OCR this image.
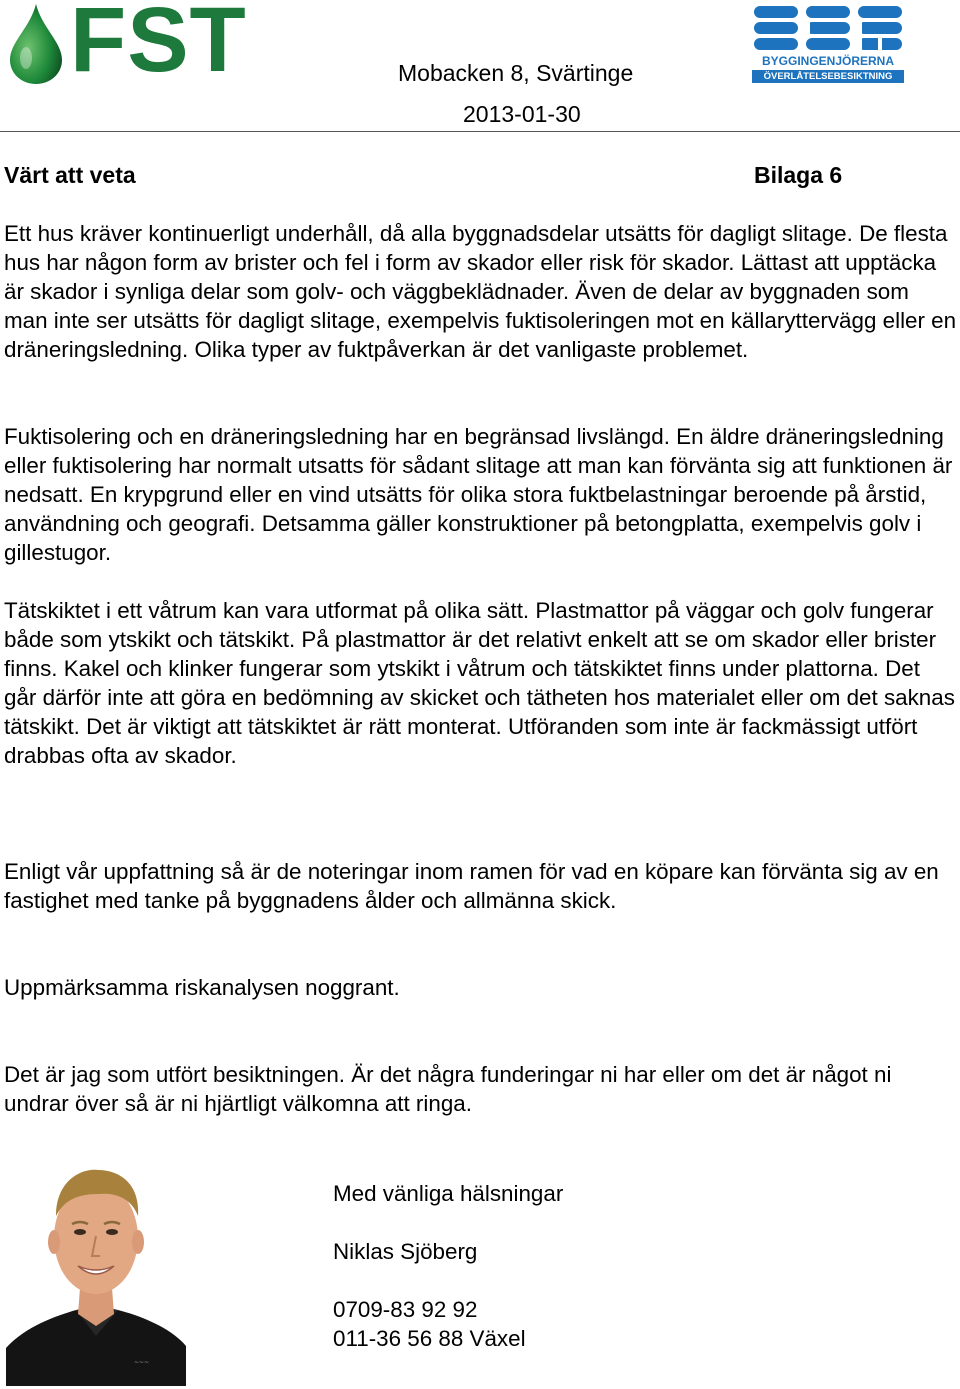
FST	Mobacken 8, Svärtinge
2013-01-30
BYGGINGENJÖRERNA
ÖVERLÅTELSEBESIKTNING
Värt att veta	Bilaga 6

Ett hus kräver kontinuerligt underhåll, då alla byggnadsdelar utsätts för dagligt slitage. De flesta hus har någon form av brister och fel i form av skador eller risk för skador. Lättast att upptäcka är skador i synliga delar som golv- och väggbeklädnader. Även de delar av byggnaden som man inte ser utsätts för dagligt slitage, exempelvis fuktisoleringen mot en källaryttervägg eller en dräneringsledning. Olika typer av fuktpåverkan är det vanligaste problemet.

Fuktisolering och en dräneringsledning har en begränsad livslängd. En äldre dräneringsledning eller fuktisolering har normalt utsatts för sådant slitage att man kan förvänta sig att funktionen är nedsatt. En krypgrund eller en vind utsätts för olika stora fuktbelastningar beroende på årstid, användning och geografi. Detsamma gäller konstruktioner på betongplatta, exempelvis golv i gillestugor.

Tätskiktet i ett våtrum kan vara utformat på olika sätt. Plastmattor på väggar och golv fungerar både som ytskikt och tätskikt. På plastmattor är det relativt enkelt att se om skador eller brister finns. Kakel och klinker fungerar som ytskikt i våtrum och tätskiktet finns under plattorna. Det går därför inte att göra en bedömning av skicket och tätheten hos materialet eller om det saknas tätskikt. Det är viktigt att tätskiktet är rätt monterat. Utföranden som inte är fackmässigt utfört drabbas ofta av skador.

Enligt vår uppfattning så är de noteringar inom ramen för vad en köpare kan förvänta sig av en fastighet med tanke på byggnadens ålder och allmänna skick.

Uppmärksamma riskanalysen noggrant.

Det är jag som utfört besiktningen. Är det några funderingar ni har eller om det är något ni undrar över så är ni hjärtligt välkomna att ringa.

~~~

Med vänliga hälsningar

Niklas Sjöberg

0709-83 92 92

011-36 56 88 Växel
